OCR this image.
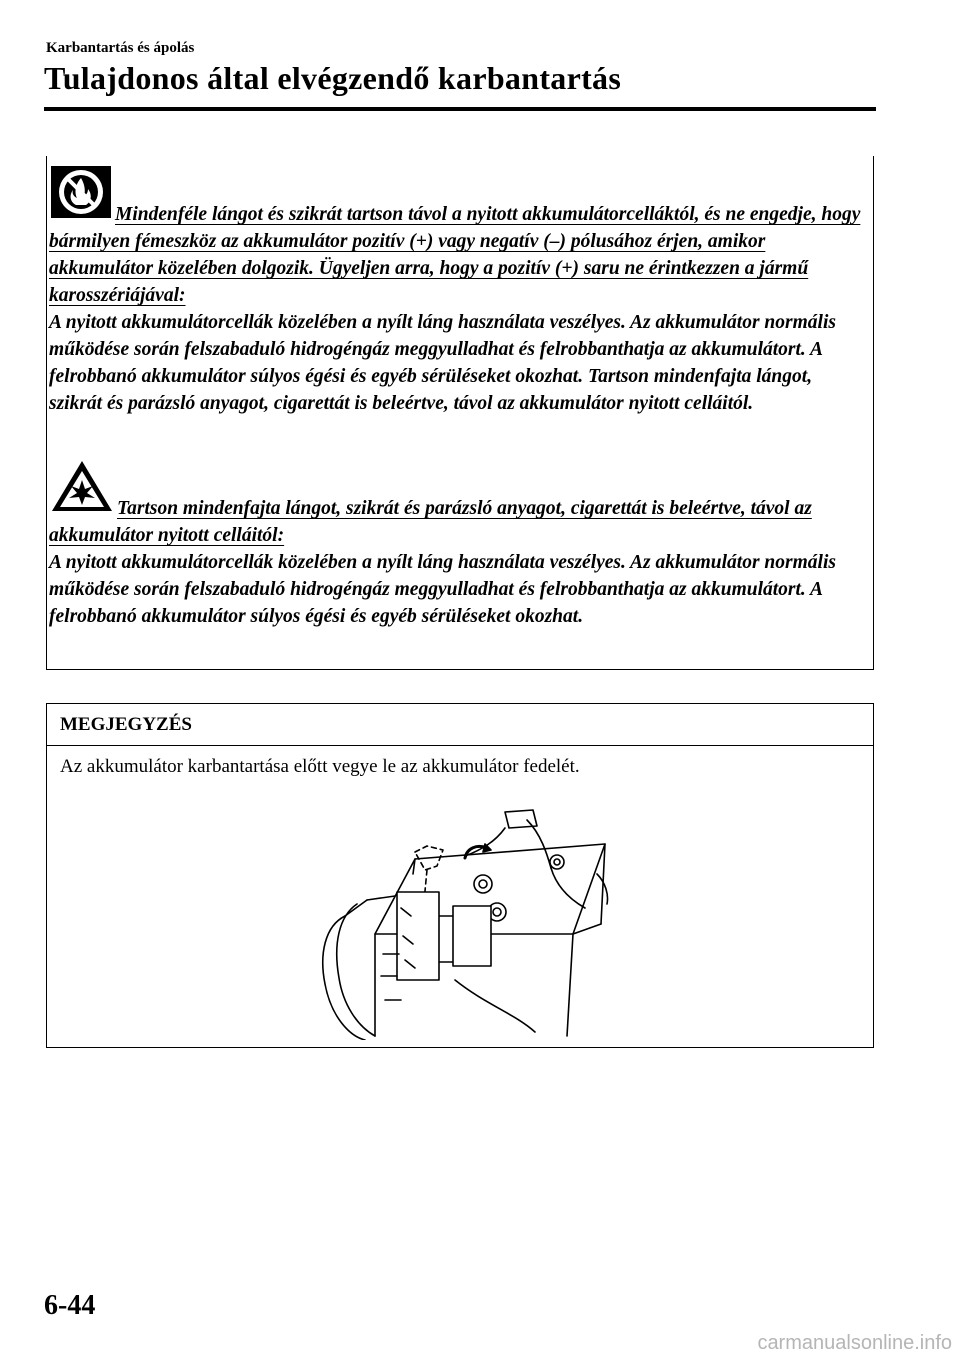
Karbantartás és ápolás
Tulajdonos által elvégzendő karbantartás
Mindenféle lángot és szikrát tartson távol a nyitott akkumulátorcelláktól, és ne engedje, hogy bármilyen fémeszköz az akkumulátor pozitív (+) vagy negatív (–) pólusához érjen, amikor akkumulátor közelében dolgozik. Ügyeljen arra, hogy a pozitív (+) saru ne érintkezzen a jármű karosszériájával:
A nyitott akkumulátorcellák közelében a nyílt láng használata veszélyes. Az akkumulátor normális működése során felszabaduló hidrogéngáz meggyulladhat és felrobbanthatja az akkumulátort. A felrobbanó akkumulátor súlyos égési és egyéb sérüléseket okozhat. Tartson mindenfajta lángot, szikrát és parázsló anyagot, cigarettát is beleértve, távol az akkumulátor nyitott celláitól.
Tartson mindenfajta lángot, szikrát és parázsló anyagot, cigarettát is beleértve, távol az akkumulátor nyitott celláitól:
A nyitott akkumulátorcellák közelében a nyílt láng használata veszélyes. Az akkumulátor normális működése során felszabaduló hidrogéngáz meggyulladhat és felrobbanthatja az akkumulátort. A felrobbanó akkumulátor súlyos égési és egyéb sérüléseket okozhat.
MEGJEGYZÉS
Az akkumulátor karbantartása előtt vegye le az akkumulátor fedelét.
6-44
carmanualsonline.info
